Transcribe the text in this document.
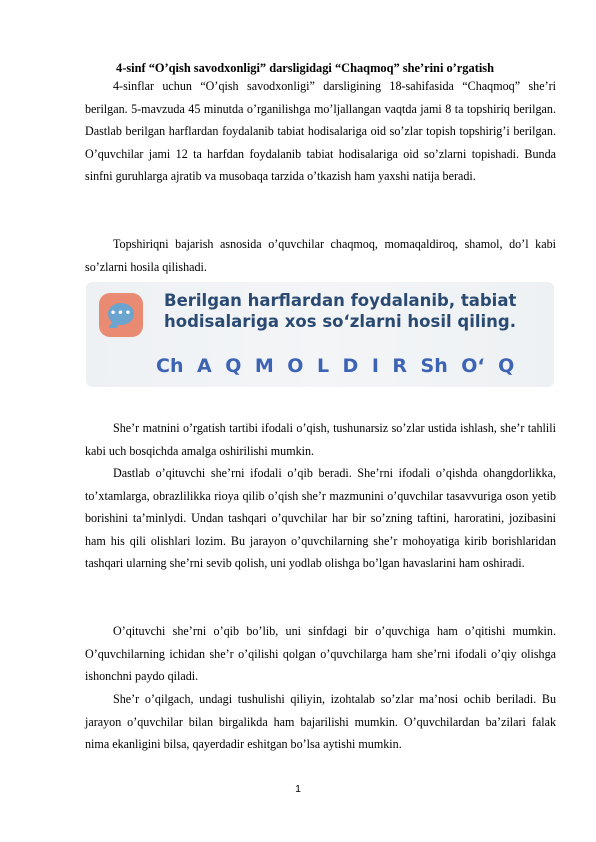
4-sinf “O’qish savodxonligi” darsligidagi “Chaqmoq” she’rini o’rgatish

4-sinflar uchun “O’qish savodxonligi” darsligining 18-sahifasida “Chaqmoq” she’ri berilgan. 5-mavzuda 45 minutda o’rganilishga mo’ljallangan vaqtda jami 8 ta topshiriq berilgan. Dastlab berilgan harflardan foydalanib tabiat hodisalariga oid so’zlar topish topshirig’i berilgan. O’quvchilar jami 12 ta harfdan foydalanib tabiat hodisalariga oid so’zlarni topishadi. Bunda sinfni guruhlarga ajratib va musobaqa tarzida o’tkazish ham yaxshi natija beradi.

Topshiriqni bajarish asnosida o’quvchilar chaqmoq, momaqaldiroq, shamol, do’l kabi so’zlarni hosila qilishadi.

•••
Berilgan harflardan foydalanib, tabiat
hodisalariga xos so‘zlarni hosil qiling.
Ch A Q M O L D I R Sh O‘ Q

She’r matnini o’rgatish tartibi ifodali o’qish, tushunarsiz so’zlar ustida ishlash, she’r tahlili kabi uch bosqichda amalga oshirilishi mumkin.

Dastlab o’qituvchi she’rni ifodali o’qib beradi. She’rni ifodali o’qishda ohangdorlikka, to’xtamlarga, obrazlilikka rioya qilib o’qish she’r mazmunini o’quvchilar tasavvuriga oson yetib borishini ta’minlydi. Undan tashqari o’quvchilar har bir so’zning taftini, haroratini, jozibasini ham his qili olishlari lozim. Bu jarayon o’quvchilarning she’r mohoyatiga kirib borishlaridan tashqari ularning she’rni sevib qolish, uni yodlab olishga bo’lgan havaslarini ham oshiradi.

O’qituvchi she’rni o’qib bo’lib, uni sinfdagi bir o’quvchiga ham o’qitishi mumkin. O’quvchilarning ichidan she’r o’qilishi qolgan o’quvchilarga ham she’rni ifodali o’qiy olishga ishonchni paydo qiladi.

She’r o’qilgach, undagi tushulishi qiliyin, izohtalab so’zlar ma’nosi ochib beriladi. Bu jarayon o’quvchilar bilan birgalikda ham bajarilishi mumkin. O’quvchilardan ba’zilari falak nima ekanligini bilsa, qayerdadir eshitgan bo’lsa aytishi mumkin.

1
